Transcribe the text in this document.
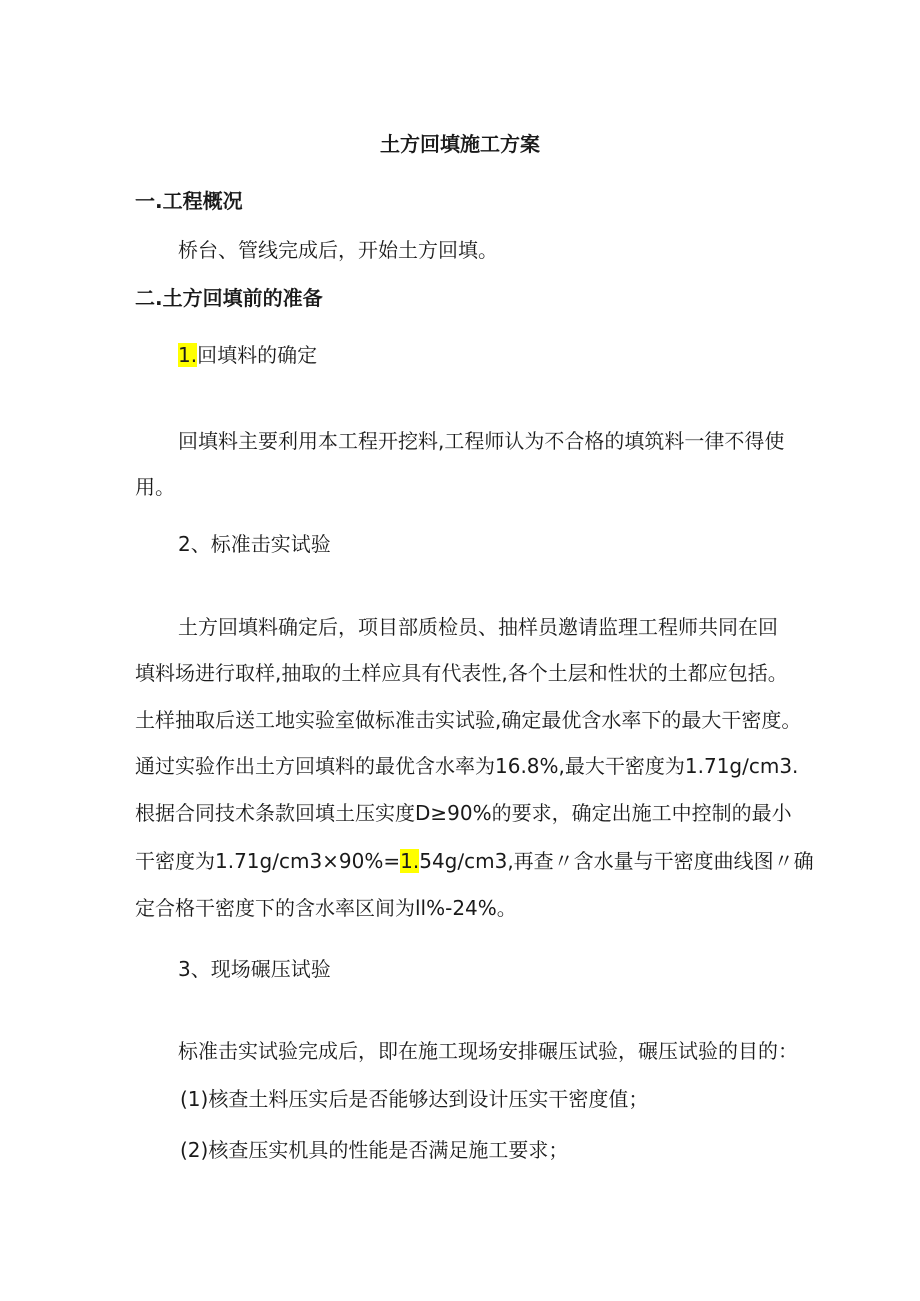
土方回填施工方案

一.工程概况

桥台、管线完成后，开始土方回填。

二.土方回填前的准备

1.回填料的确定

回填料主要利用本工程开挖料,工程师认为不合格的填筑料一律不得使

用。

2、标准击实试验

土方回填料确定后，项目部质检员、抽样员邀请监理工程师共同在回

填料场进行取样,抽取的土样应具有代表性,各个土层和性状的土都应包括。

土样抽取后送工地实验室做标准击实试验,确定最优含水率下的最大干密度。

通过实验作出土方回填料的最优含水率为16.8%,最大干密度为1.71g∕cm3.

根据合同技术条款回填土压实度D≥90%的要求，确定出施工中控制的最小

干密度为1.71g∕cm3×90%=1.54g∕cm3,再查〃含水量与干密度曲线图〃确

定合格干密度下的含水率区间为ll%-24%。

3、现场碾压试验

标准击实试验完成后，即在施工现场安排碾压试验，碾压试验的目的：

(1)核查土料压实后是否能够达到设计压实干密度值；

(2)核查压实机具的性能是否满足施工要求；
